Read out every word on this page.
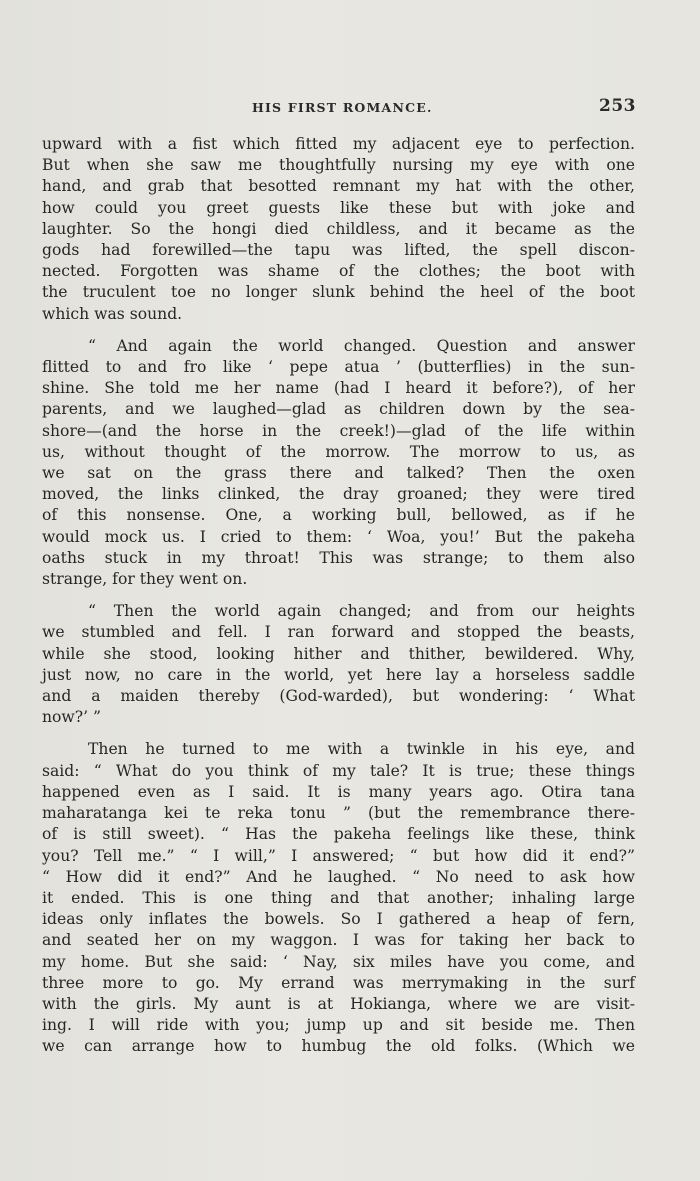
HIS FIRST ROMANCE.	253

upward with a fist which fitted my adjacent eye to perfection.
But when she saw me thoughtfully nursing my eye with one
hand, and grab that besotted remnant my hat with the other,
how could you greet guests like these but with joke and
laughter. So the hongi died childless, and it became as the
gods had forewilled—the tapu was lifted, the spell discon-
nected. Forgotten was shame of the clothes; the boot with
the truculent toe no longer slunk behind the heel of the boot
which was sound.

“ And again the world changed. Question and answer
flitted to and fro like ‘ pepe atua ’ (butterflies) in the sun-
shine. She told me her name (had I heard it before?), of her
parents, and we laughed—glad as children down by the sea-
shore—(and the horse in the creek!)—glad of the life within
us, without thought of the morrow. The morrow to us, as
we sat on the grass there and talked? Then the oxen
moved, the links clinked, the dray groaned; they were tired
of this nonsense. One, a working bull, bellowed, as if he
would mock us. I cried to them: ‘ Woa, you!’ But the pakeha
oaths stuck in my throat! This was strange; to them also
strange, for they went on.

“ Then the world again changed; and from our heights
we stumbled and fell. I ran forward and stopped the beasts,
while she stood, looking hither and thither, bewildered. Why,
just now, no care in the world, yet here lay a horseless saddle
and a maiden thereby (God-warded), but wondering: ‘ What
now?’ ”

Then he turned to me with a twinkle in his eye, and
said: “ What do you think of my tale? It is true; these things
happened even as I said. It is many years ago. Otira tana
maharatanga kei te reka tonu ” (but the remembrance there-
of is still sweet). “ Has the pakeha feelings like these, think
you? Tell me.” “ I will,” I answered; “ but how did it end?”
“ How did it end?” And he laughed. “ No need to ask how
it ended. This is one thing and that another; inhaling large
ideas only inflates the bowels. So I gathered a heap of fern,
and seated her on my waggon. I was for taking her back to
my home. But she said: ‘ Nay, six miles have you come, and
three more to go. My errand was merrymaking in the surf
with the girls. My aunt is at Hokianga, where we are visit-
ing. I will ride with you; jump up and sit beside me. Then
we can arrange how to humbug the old folks. (Which we
